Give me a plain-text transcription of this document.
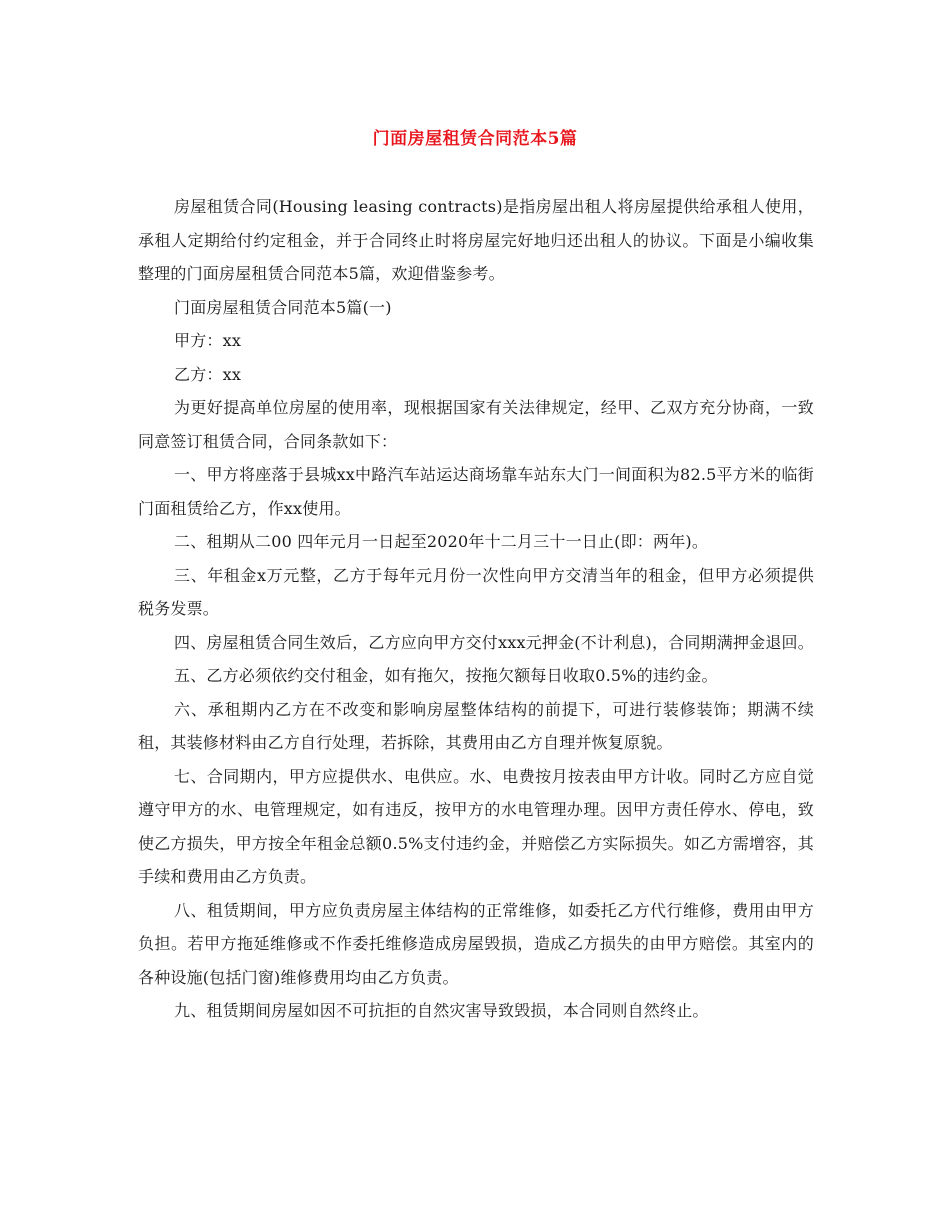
门面房屋租赁合同范本5篇

房屋租赁合同(Housing leasing contracts)是指房屋出租人将房屋提供给承租人使用，承租人定期给付约定租金，并于合同终止时将房屋完好地归还出租人的协议。下面是小编收集整理的门面房屋租赁合同范本5篇，欢迎借鉴参考。

门面房屋租赁合同范本5篇(一)

甲方：xx

乙方：xx

为更好提高单位房屋的使用率，现根据国家有关法律规定，经甲、乙双方充分协商，一致同意签订租赁合同，合同条款如下：

一、甲方将座落于县城xx中路汽车站运达商场靠车站东大门一间面积为82.5平方米的临街门面租赁给乙方，作xx使用。

二、租期从二00 四年元月一日起至2020年十二月三十一日止(即：两年)。

三、年租金x万元整，乙方于每年元月份一次性向甲方交清当年的租金，但甲方必须提供税务发票。

四、房屋租赁合同生效后，乙方应向甲方交付xxx元押金(不计利息)，合同期满押金退回。

五、乙方必须依约交付租金，如有拖欠，按拖欠额每日收取0.5%的违约金。

六、承租期内乙方在不改变和影响房屋整体结构的前提下，可进行装修装饰；期满不续租，其装修材料由乙方自行处理，若拆除，其费用由乙方自理并恢复原貌。

七、合同期内，甲方应提供水、电供应。水、电费按月按表由甲方计收。同时乙方应自觉遵守甲方的水、电管理规定，如有违反，按甲方的水电管理办理。因甲方责任停水、停电，致使乙方损失，甲方按全年租金总额0.5%支付违约金，并赔偿乙方实际损失。如乙方需增容，其手续和费用由乙方负责。

八、租赁期间，甲方应负责房屋主体结构的正常维修，如委托乙方代行维修，费用由甲方负担。若甲方拖延维修或不作委托维修造成房屋毁损，造成乙方损失的由甲方赔偿。其室内的各种设施(包括门窗)维修费用均由乙方负责。

九、租赁期间房屋如因不可抗拒的自然灾害导致毁损，本合同则自然终止。
